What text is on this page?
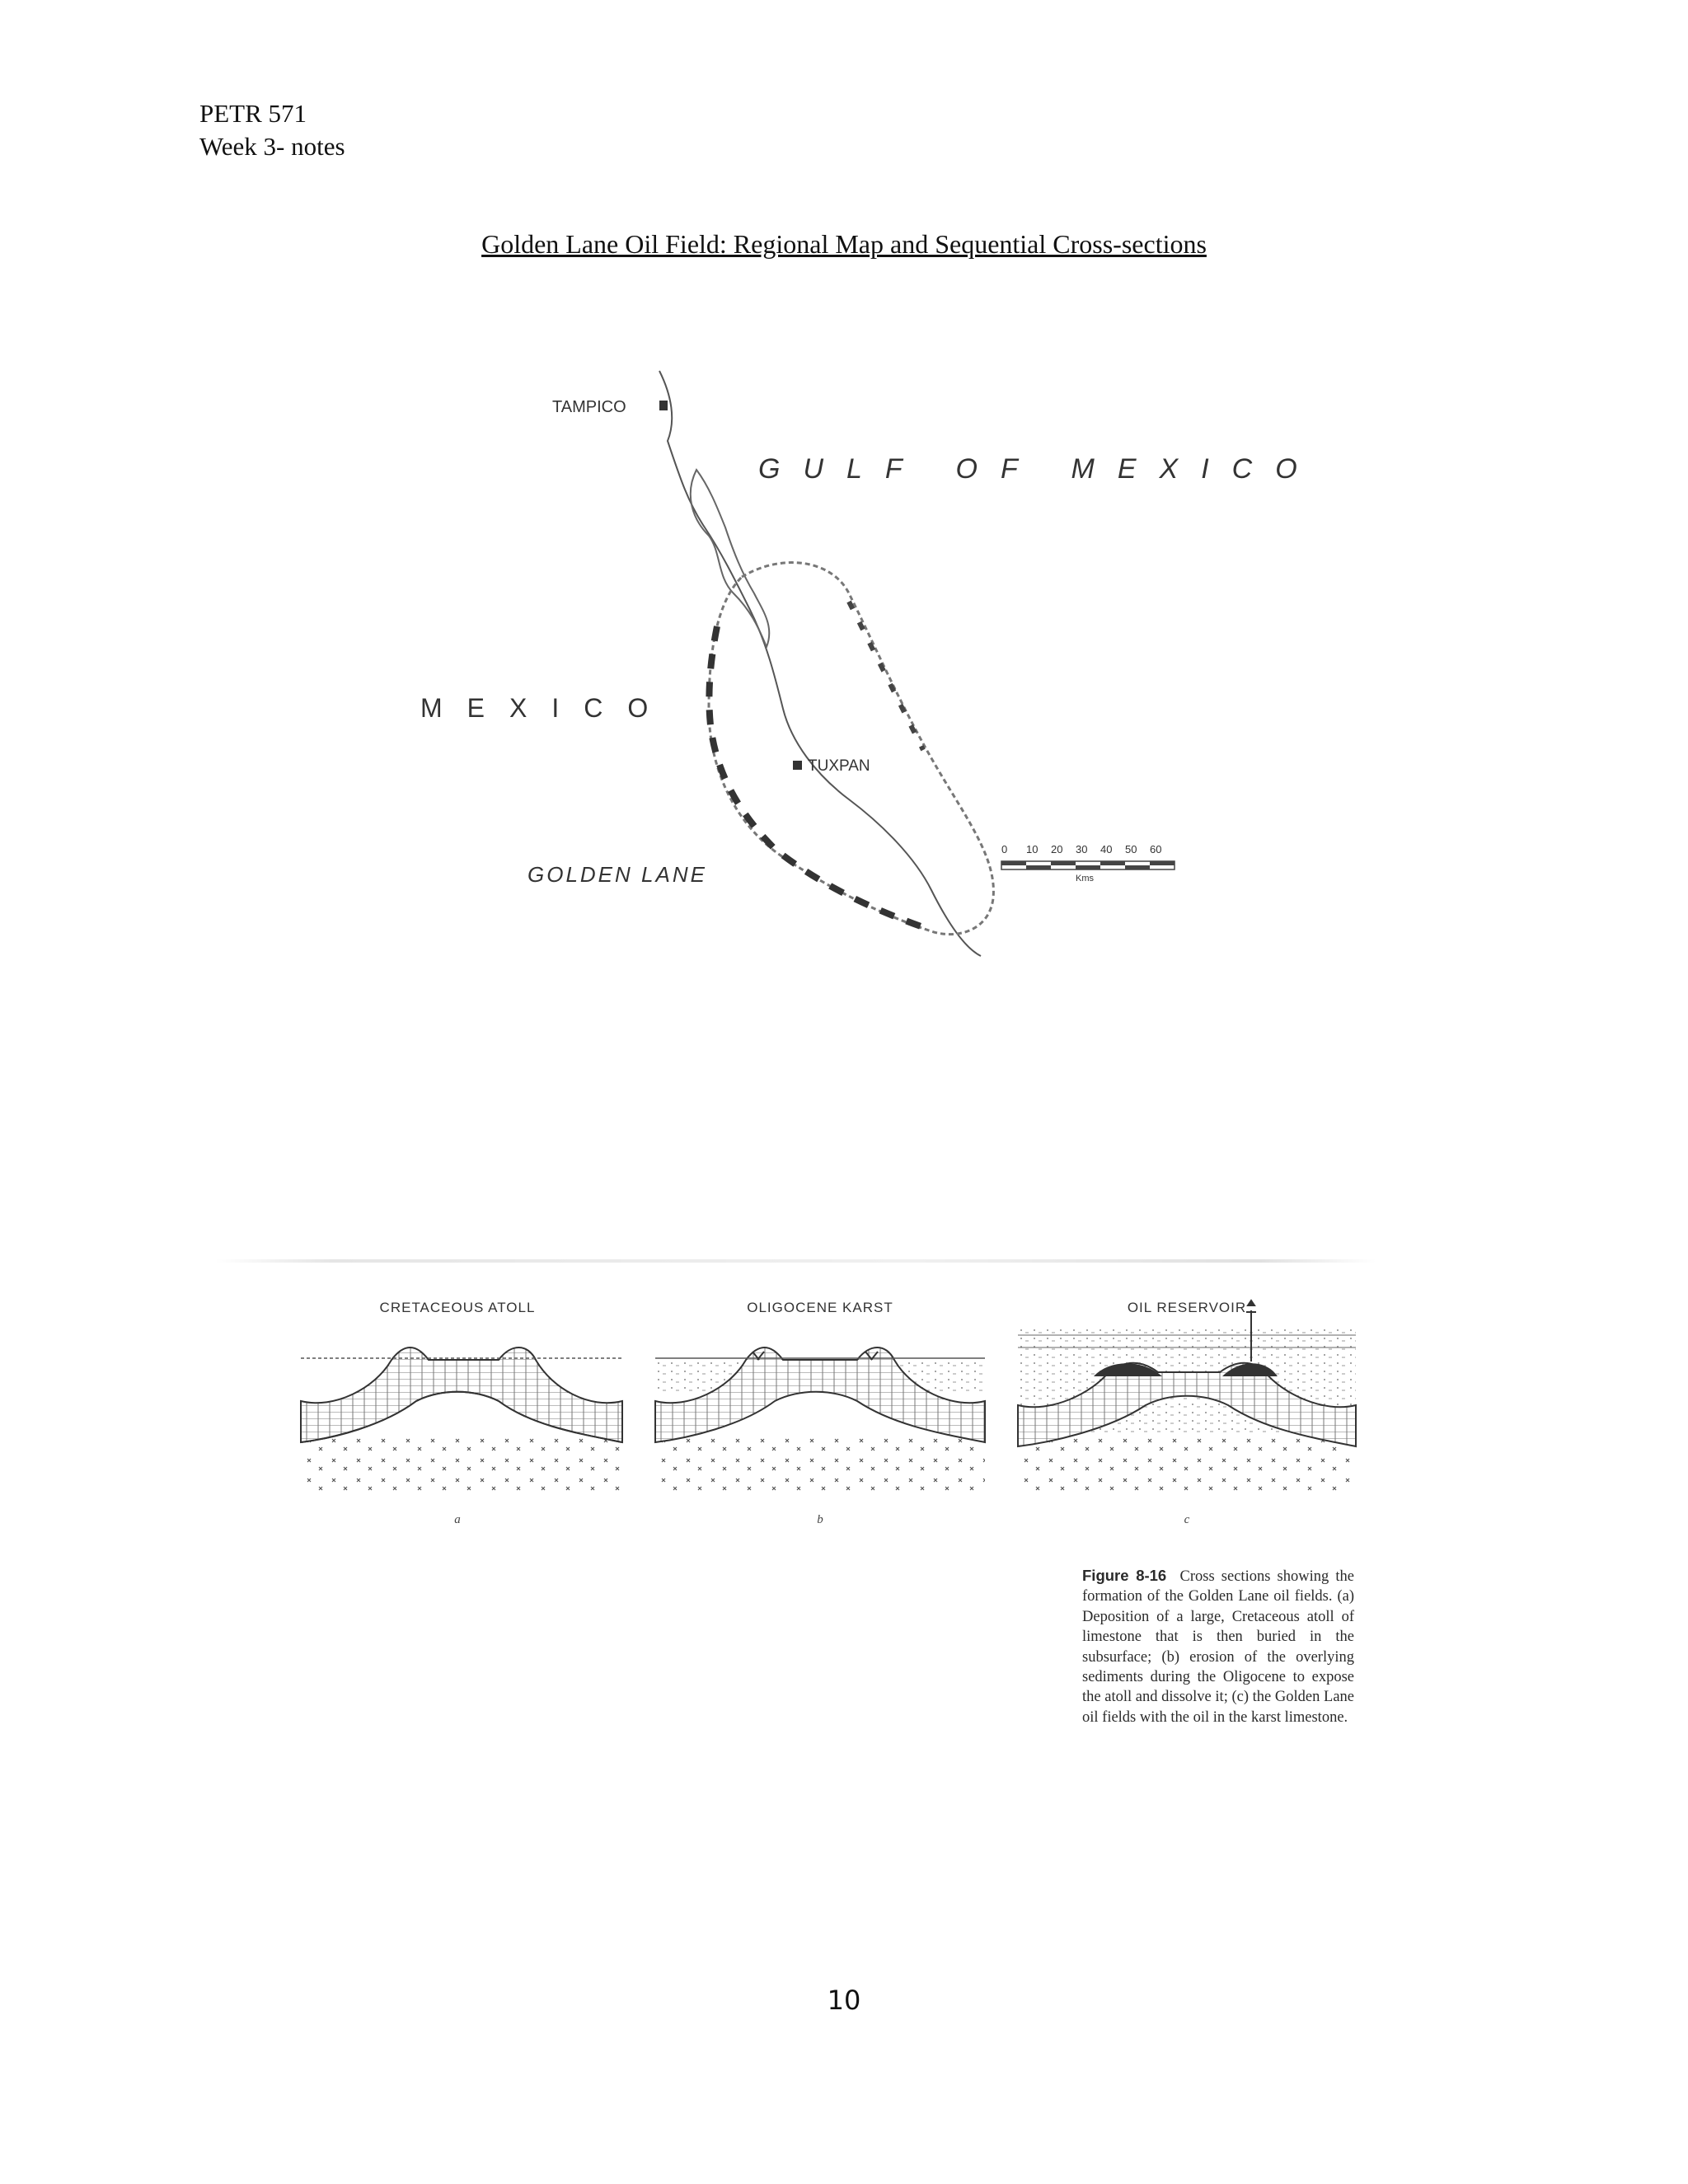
PETR 571
Week 3- notes
Golden Lane Oil Field: Regional Map and Sequential Cross-sections
TAMPICO
GULF OF MEXICO
MEXICO
TUXPAN
GOLDEN LANE
0 10 20 30 40 50 60
Kms
CRETACEOUS ATOLL
a
OLIGOCENE KARST
b
OIL RESERVOIR
c
Figure 8-16 Cross sections showing the formation of the Golden Lane oil fields. (a) Deposition of a large, Cretaceous atoll of limestone that is then buried in the subsurface; (b) erosion of the overlying sediments during the Oligocene to expose the atoll and dissolve it; (c) the Golden Lane oil fields with the oil in the karst limestone.
10
